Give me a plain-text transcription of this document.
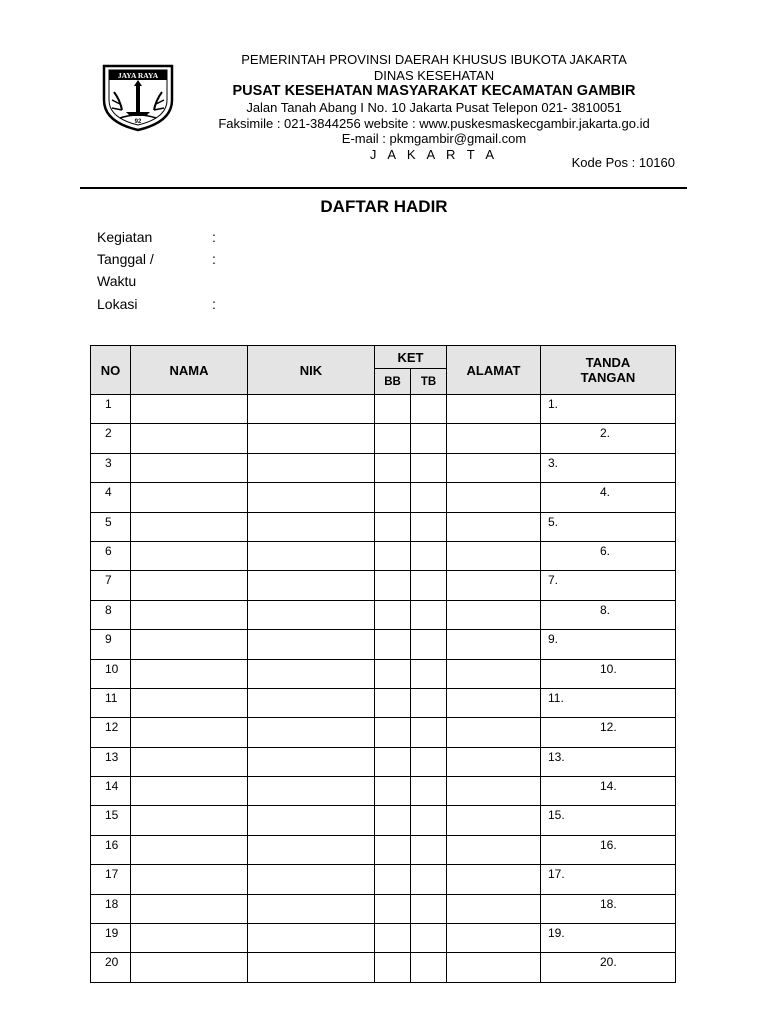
JAYA RAYA
92
PEMERINTAH PROVINSI DAERAH KHUSUS IBUKOTA JAKARTA
DINAS KESEHATAN
PUSAT KESEHATAN MASYARAKAT KECAMATAN GAMBIR
Jalan Tanah Abang I No. 10 Jakarta Pusat Telepon 021- 3810051
Faksimile : 021-3844256 website : www.puskesmaskecgambir.jakarta.go.id
E-mail : pkmgambir@gmail.com
J A K A R T A
Kode Pos : 10160
DAFTAR HADIR
Kegiatan	:
Tanggal /	:
Waktu
Lokasi	:
NO	NAMA	NIK	KET		ALAMAT	TANDA
TANGAN

			BB	TB		
1						1.
2						2.
3						3.
4						4.
5						5.
6						6.
7						7.
8						8.
9						9.
10						10.
11						11.
12						12.
13						13.
14						14.
15						15.
16						16.
17						17.
18						18.
19						19.
20						20.
